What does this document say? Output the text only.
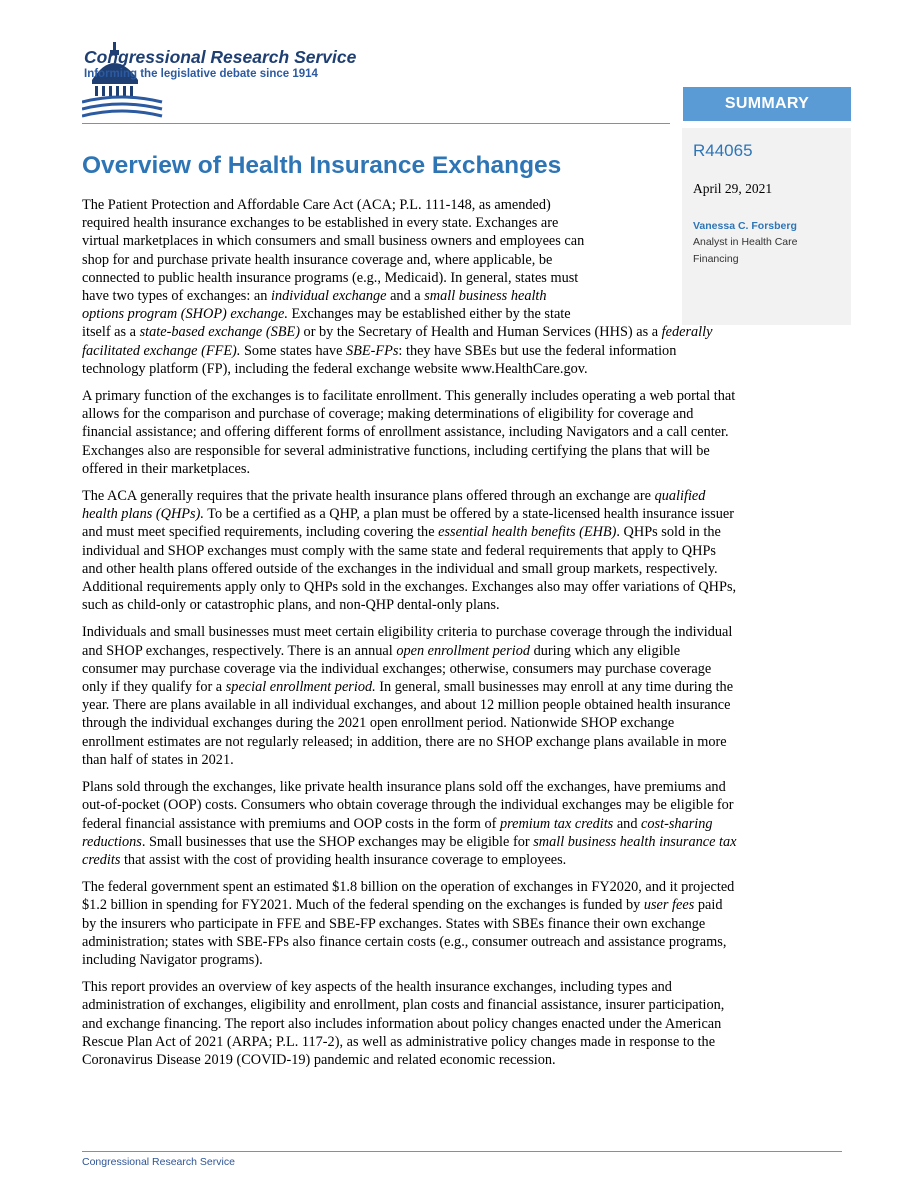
Congressional Research Service
Informing the legislative debate since 1914
SUMMARY
R44065
April 29, 2021
Vanessa C. Forsberg
Analyst in Health Care
Financing
Overview of Health Insurance Exchanges

The Patient Protection and Affordable Care Act (ACA; P.L. 111-148, as amended)
required health insurance exchanges to be established in every state. Exchanges are
virtual marketplaces in which consumers and small business owners and employees can
shop for and purchase private health insurance coverage and, where applicable, be
connected to public health insurance programs (e.g., Medicaid). In general, states must
have two types of exchanges: an individual exchange and a small business health
options program (SHOP) exchange. Exchanges may be established either by the state
itself as a state-based exchange (SBE) or by the Secretary of Health and Human Services (HHS) as a federally
facilitated exchange (FFE). Some states have SBE-FPs: they have SBEs but use the federal information
technology platform (FP), including the federal exchange website www.HealthCare.gov.

A primary function of the exchanges is to facilitate enrollment. This generally includes operating a web portal that
allows for the comparison and purchase of coverage; making determinations of eligibility for coverage and
financial assistance; and offering different forms of enrollment assistance, including Navigators and a call center.
Exchanges also are responsible for several administrative functions, including certifying the plans that will be
offered in their marketplaces.

The ACA generally requires that the private health insurance plans offered through an exchange are qualified
health plans (QHPs). To be a certified as a QHP, a plan must be offered by a state-licensed health insurance issuer
and must meet specified requirements, including covering the essential health benefits (EHB). QHPs sold in the
individual and SHOP exchanges must comply with the same state and federal requirements that apply to QHPs
and other health plans offered outside of the exchanges in the individual and small group markets, respectively.
Additional requirements apply only to QHPs sold in the exchanges. Exchanges also may offer variations of QHPs,
such as child-only or catastrophic plans, and non-QHP dental-only plans.

Individuals and small businesses must meet certain eligibility criteria to purchase coverage through the individual
and SHOP exchanges, respectively. There is an annual open enrollment period during which any eligible
consumer may purchase coverage via the individual exchanges; otherwise, consumers may purchase coverage
only if they qualify for a special enrollment period. In general, small businesses may enroll at any time during the
year. There are plans available in all individual exchanges, and about 12 million people obtained health insurance
through the individual exchanges during the 2021 open enrollment period. Nationwide SHOP exchange
enrollment estimates are not regularly released; in addition, there are no SHOP exchange plans available in more
than half of states in 2021.

Plans sold through the exchanges, like private health insurance plans sold off the exchanges, have premiums and
out-of-pocket (OOP) costs. Consumers who obtain coverage through the individual exchanges may be eligible for
federal financial assistance with premiums and OOP costs in the form of premium tax credits and cost-sharing
reductions. Small businesses that use the SHOP exchanges may be eligible for small business health insurance tax
credits that assist with the cost of providing health insurance coverage to employees.

The federal government spent an estimated $1.8 billion on the operation of exchanges in FY2020, and it projected
$1.2 billion in spending for FY2021. Much of the federal spending on the exchanges is funded by user fees paid
by the insurers who participate in FFE and SBE-FP exchanges. States with SBEs finance their own exchange
administration; states with SBE-FPs also finance certain costs (e.g., consumer outreach and assistance programs,
including Navigator programs).

This report provides an overview of key aspects of the health insurance exchanges, including types and
administration of exchanges, eligibility and enrollment, plan costs and financial assistance, insurer participation,
and exchange financing. The report also includes information about policy changes enacted under the American
Rescue Plan Act of 2021 (ARPA; P.L. 117-2), as well as administrative policy changes made in response to the
Coronavirus Disease 2019 (COVID-19) pandemic and related economic recession.

Congressional Research Service
